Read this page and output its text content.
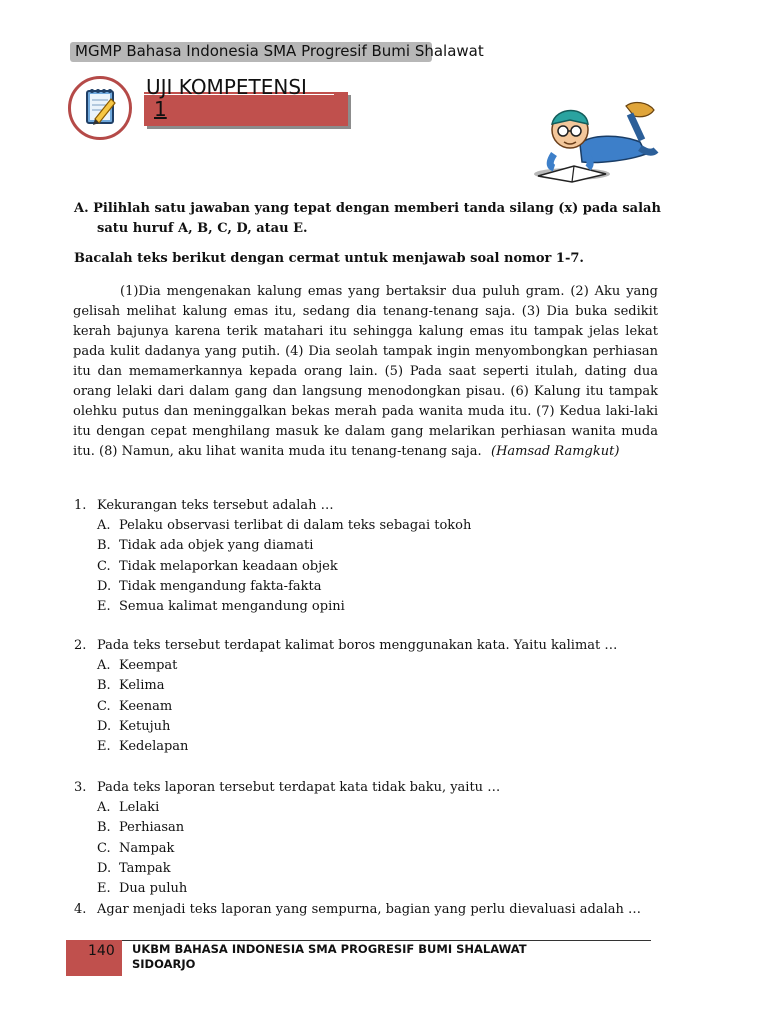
MGMP Bahasa Indonesia SMA Progresif Bumi Shalawat
UJI KOMPETENSI
1
A. Pilihlah satu jawaban yang tepat dengan memberi tanda silang (x) pada salah
satu huruf A, B, C, D, atau E.
Bacalah teks berikut dengan cermat untuk menjawab soal nomor 1-7.
(1)Dia mengenakan kalung emas yang bertaksir dua puluh gram. (2) Aku yang gelisah melihat kalung emas itu, sedang dia tenang-tenang saja. (3) Dia buka sedikit kerah bajunya karena terik matahari itu sehingga kalung emas itu tampak jelas lekat pada kulit dadanya yang putih. (4) Dia seolah tampak ingin menyombongkan perhiasan itu dan memamerkannya kepada orang lain. (5) Pada saat seperti itulah, dating dua orang lelaki dari dalam gang dan langsung menodongkan pisau. (6) Kalung itu tampak olehku putus dan meninggalkan bekas merah pada wanita muda itu. (7) Kedua laki-laki itu dengan cepat menghilang masuk ke dalam gang melarikan perhiasan wanita muda itu. (8) Namun, aku lihat wanita muda itu tenang-tenang saja. (Hamsad Ramgkut)
1. Kekurangan teks tersebut adalah …
A. Pelaku observasi terlibat di dalam teks sebagai tokoh
B. Tidak ada objek yang diamati
C. Tidak melaporkan keadaan objek
D. Tidak mengandung fakta-fakta
E. Semua kalimat mengandung opini
2. Pada teks tersebut terdapat kalimat boros menggunakan kata. Yaitu kalimat …
A. Keempat
B. Kelima
C. Keenam
D. Ketujuh
E. Kedelapan
3. Pada teks laporan tersebut terdapat kata tidak baku, yaitu …
A. Lelaki
B. Perhiasan
C. Nampak
D. Tampak
E. Dua puluh
4. Agar menjadi teks laporan yang sempurna, bagian yang perlu dievaluasi adalah …
140 UKBM BAHASA INDONESIA SMA PROGRESIF BUMI SHALAWAT
SIDOARJO
